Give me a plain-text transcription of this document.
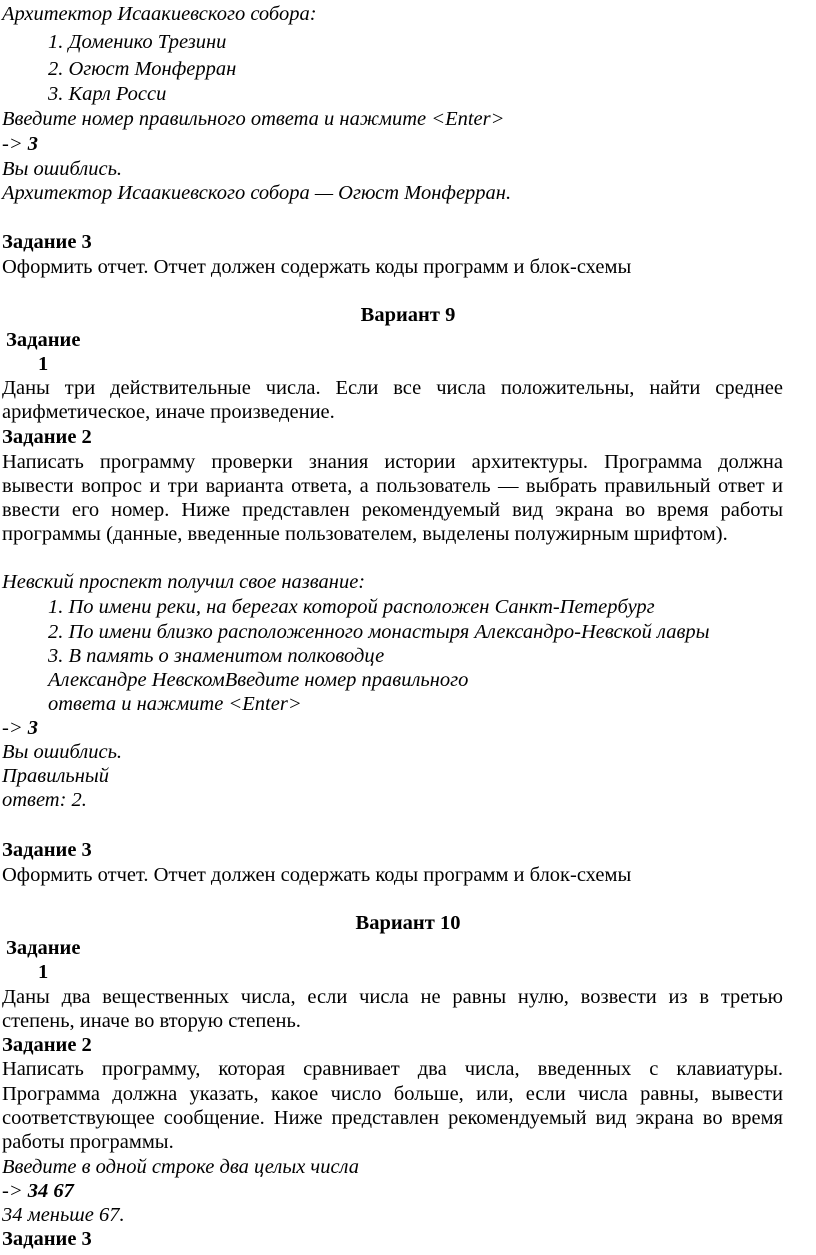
Архитектор Исаакиевского собора:
1. Доменико Трезини
2. Огюст Монферран
3. Карл Росси
Введите номер правильного ответа и нажмите <Enter>
-> 3
Вы ошиблись.
Архитектор Исаакиевского собора — Огюст Монферран.
Задание 3
Оформить отчет. Отчет должен содержать коды программ и блок-схемы
Вариант 9
Задание
1
Даны три действительные числа. Если все числа положительны, найти среднее
арифметическое, иначе произведение.
Задание 2
Написать программу проверки знания истории архитектуры. Программа должна
вывести вопрос и три варианта ответа, а пользователь — выбрать правильный ответ и
ввести его номер. Ниже представлен рекомендуемый вид экрана во время работы
программы (данные, введенные пользователем, выделены полужирным шрифтом).
Невский проспект получил свое название:
1. По имени реки, на берегах которой расположен Санкт-Петербург
2. По имени близко расположенного монастыря Александро-Невской лавры
3. В память о знаменитом полководце
Александре НевскомВведите номер правильного
ответа и нажмите <Enter>
-> 3
Вы ошиблись.
Правильный
ответ: 2.
Задание 3
Оформить отчет. Отчет должен содержать коды программ и блок-схемы
Вариант 10
Задание
1
Даны два вещественных числа, если числа не равны нулю, возвести из в третью
степень, иначе во вторую степень.
Задание 2
Написать программу, которая сравнивает два числа, введенных с клавиатуры.
Программа должна указать, какое число больше, или, если числа равны, вывести
соответствующее сообщение. Ниже представлен рекомендуемый вид экрана во время
работы программы.
Введите в одной строке два целых числа
-> 34 67
34 меньше 67.
Задание 3
